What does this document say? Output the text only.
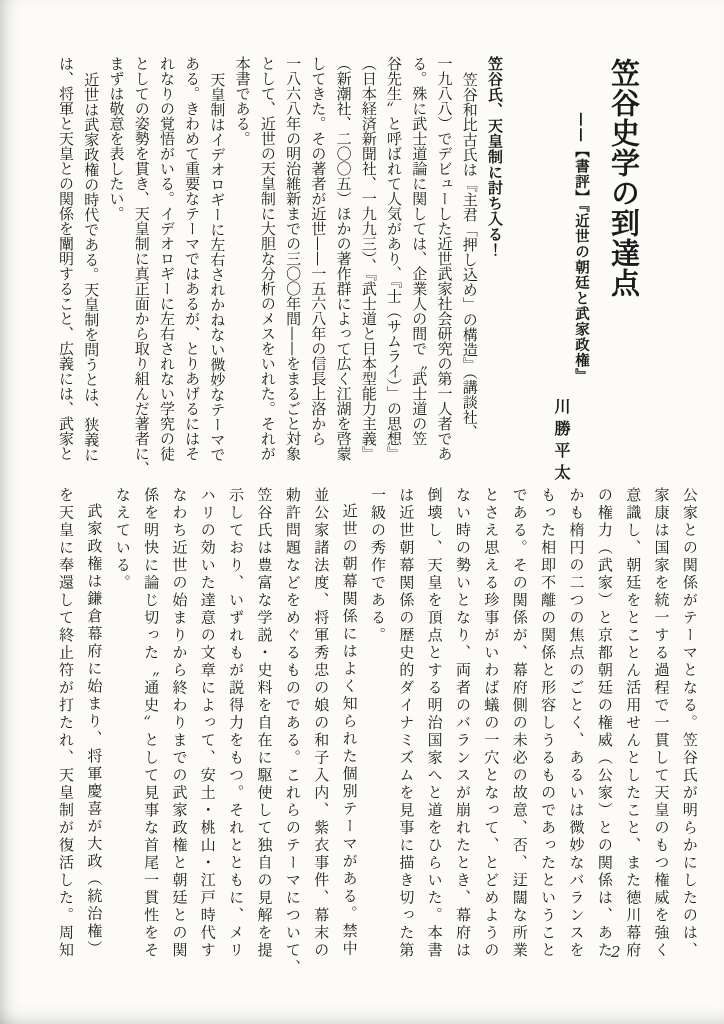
笠谷史学の到達点
——【書評】『近世の朝廷と武家政権』
川勝平太
笠谷氏、天皇制に討ち入る！
笠谷和比古氏は『主君「押し込め」の構造』（講談社、
一九八八）でデビューした近世武家社会研究の第一人者であ
る。殊に武士道論に関しては、企業人の間で〝武士道の笠
谷先生〟と呼ばれて人気があり、『士（サムライ）」の思想』
（日本経済新聞社、一九九三）、『武士道と日本型能力主義』
（新潮社、二〇〇五）ほかの著作群によって広く江湖を啓蒙
してきた。その著者が近世——一五六八年の信長上洛から
一八六八年の明治維新までの三〇〇年間——をまるごと対象
として、近世の天皇制に大胆な分析のメスをいれた。それが
本書である。
天皇制はイデオロギーに左右されかねない微妙なテーマで
ある。きわめて重要なテーマではあるが、とりあげるにはそ
れなりの覚悟がいる。イデオロギーに左右されない学究の徒
としての姿勢を貫き、天皇制に真正面から取り組んだ著者に、
まずは敬意を表したい。
近世は武家政権の時代である。天皇制を問うとは、狭義に
は、将軍と天皇との関係を闡明すること、広義には、武家と
公家との関係がテーマとなる。笠谷氏が明らかにしたのは、
家康は国家を統一する過程で一貫して天皇のもつ権威を強く
意識し、朝廷をとことん活用せんとしたこと、また徳川幕府
の権力（武家）と京都朝廷の権威（公家）との関係は、あた
かも楕円の二つの焦点のごとく、あるいは微妙なバランスを
もった相即不離の関係と形容しうるものであったということ
である。その関係が、幕府側の未必の故意、否、迂闊な所業
とさえ思える珍事がいわば蟻の一穴となって、とどめようの
ない時の勢いとなり、両者のバランスが崩れたとき、幕府は
倒壊し、天皇を頂点とする明治国家へと道をひらいた。本書
は近世朝幕関係の歴史的ダイナミズムを見事に描き切った第
一級の秀作である。
近世の朝幕関係にはよく知られた個別テーマがある。禁中
並公家諸法度、将軍秀忠の娘の和子入内、紫衣事件、幕末の
勅許問題などをめぐるものである。これらのテーマについて、
笠谷氏は豊富な学説・史料を自在に駆使して独自の見解を提
示しており、いずれもが説得力をもつ。それとともに、メリ
ハリの効いた達意の文章によって、安土・桃山・江戸時代す
なわち近世の始まりから終わりまでの武家政権と朝廷との関
係を明快に論じ切った〝通史〟として見事な首尾一貫性をそ
なえている。
武家政権は鎌倉幕府に始まり、将軍慶喜が大政（統治権）
を天皇に奉還して終止符が打たれ、天皇制が復活した。周知	2
